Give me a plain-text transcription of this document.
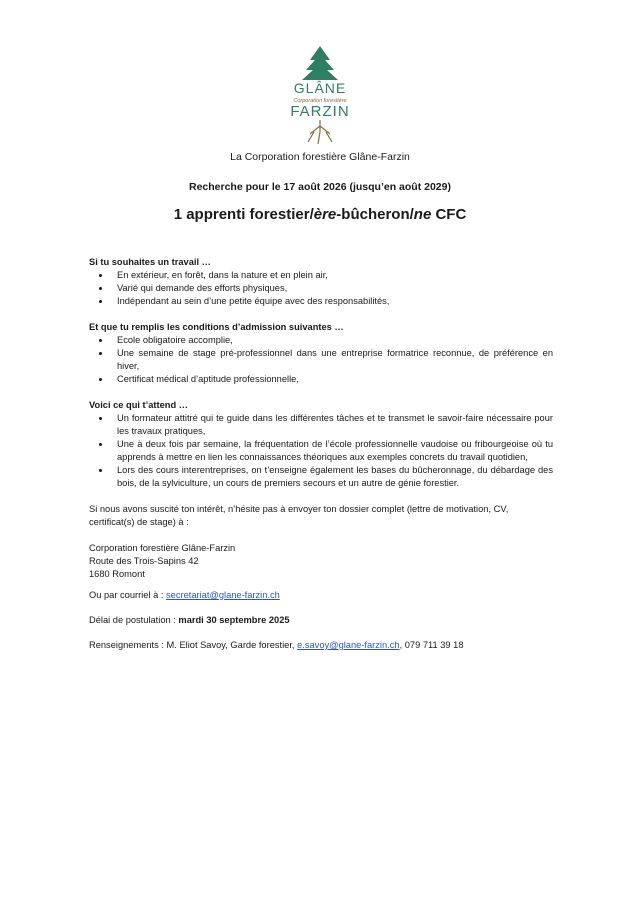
GLÂNE
Corporation forestière
FARZIN
La Corporation forestière Glâne-Farzin
Recherche pour le 17 août 2026 (jusqu’en août 2029)
1 apprenti forestier/ère-bûcheron/ne CFC

Si tu souhaites un travail …

• En extérieur, en forêt, dans la nature et en plein air,
• Varié qui demande des efforts physiques,
• Indépendant au sein d’une petite équipe avec des responsabilités,

Et que tu remplis les conditions d’admission suivantes …

• Ecole obligatoire accomplie,
• Une semaine de stage pré-professionnel dans une entreprise formatrice reconnue, de préférence en hiver,
• Certificat médical d’aptitude professionnelle,

Voici ce qui t’attend …

• Un formateur attitré qui te guide dans les différentes tâches et te transmet le savoir-faire nécessaire pour les travaux pratiques,
• Une à deux fois par semaine, la fréquentation de l’école professionnelle vaudoise ou fribourgeoise où tu apprends à mettre en lien les connaissances théoriques aux exemples concrets du travail quotidien,
• Lors des cours interentreprises, on t’enseigne également les bases du bûcheronnage, du débardage des bois, de la sylviculture, un cours de premiers secours et un autre de génie forestier.

Si nous avons suscité ton intérêt, n’hésite pas à envoyer ton dossier complet (lettre de motivation, CV, certificat(s) de stage) à :

Corporation forestière Glâne-Farzin

Route des Trois-Sapins 42

1680 Romont

Ou par courriel à : secretariat@glane-farzin.ch

Délai de postulation : mardi 30 septembre 2025

Renseignements : M. Eliot Savoy, Garde forestier, e.savoy@glane-farzin.ch, 079 711 39 18
